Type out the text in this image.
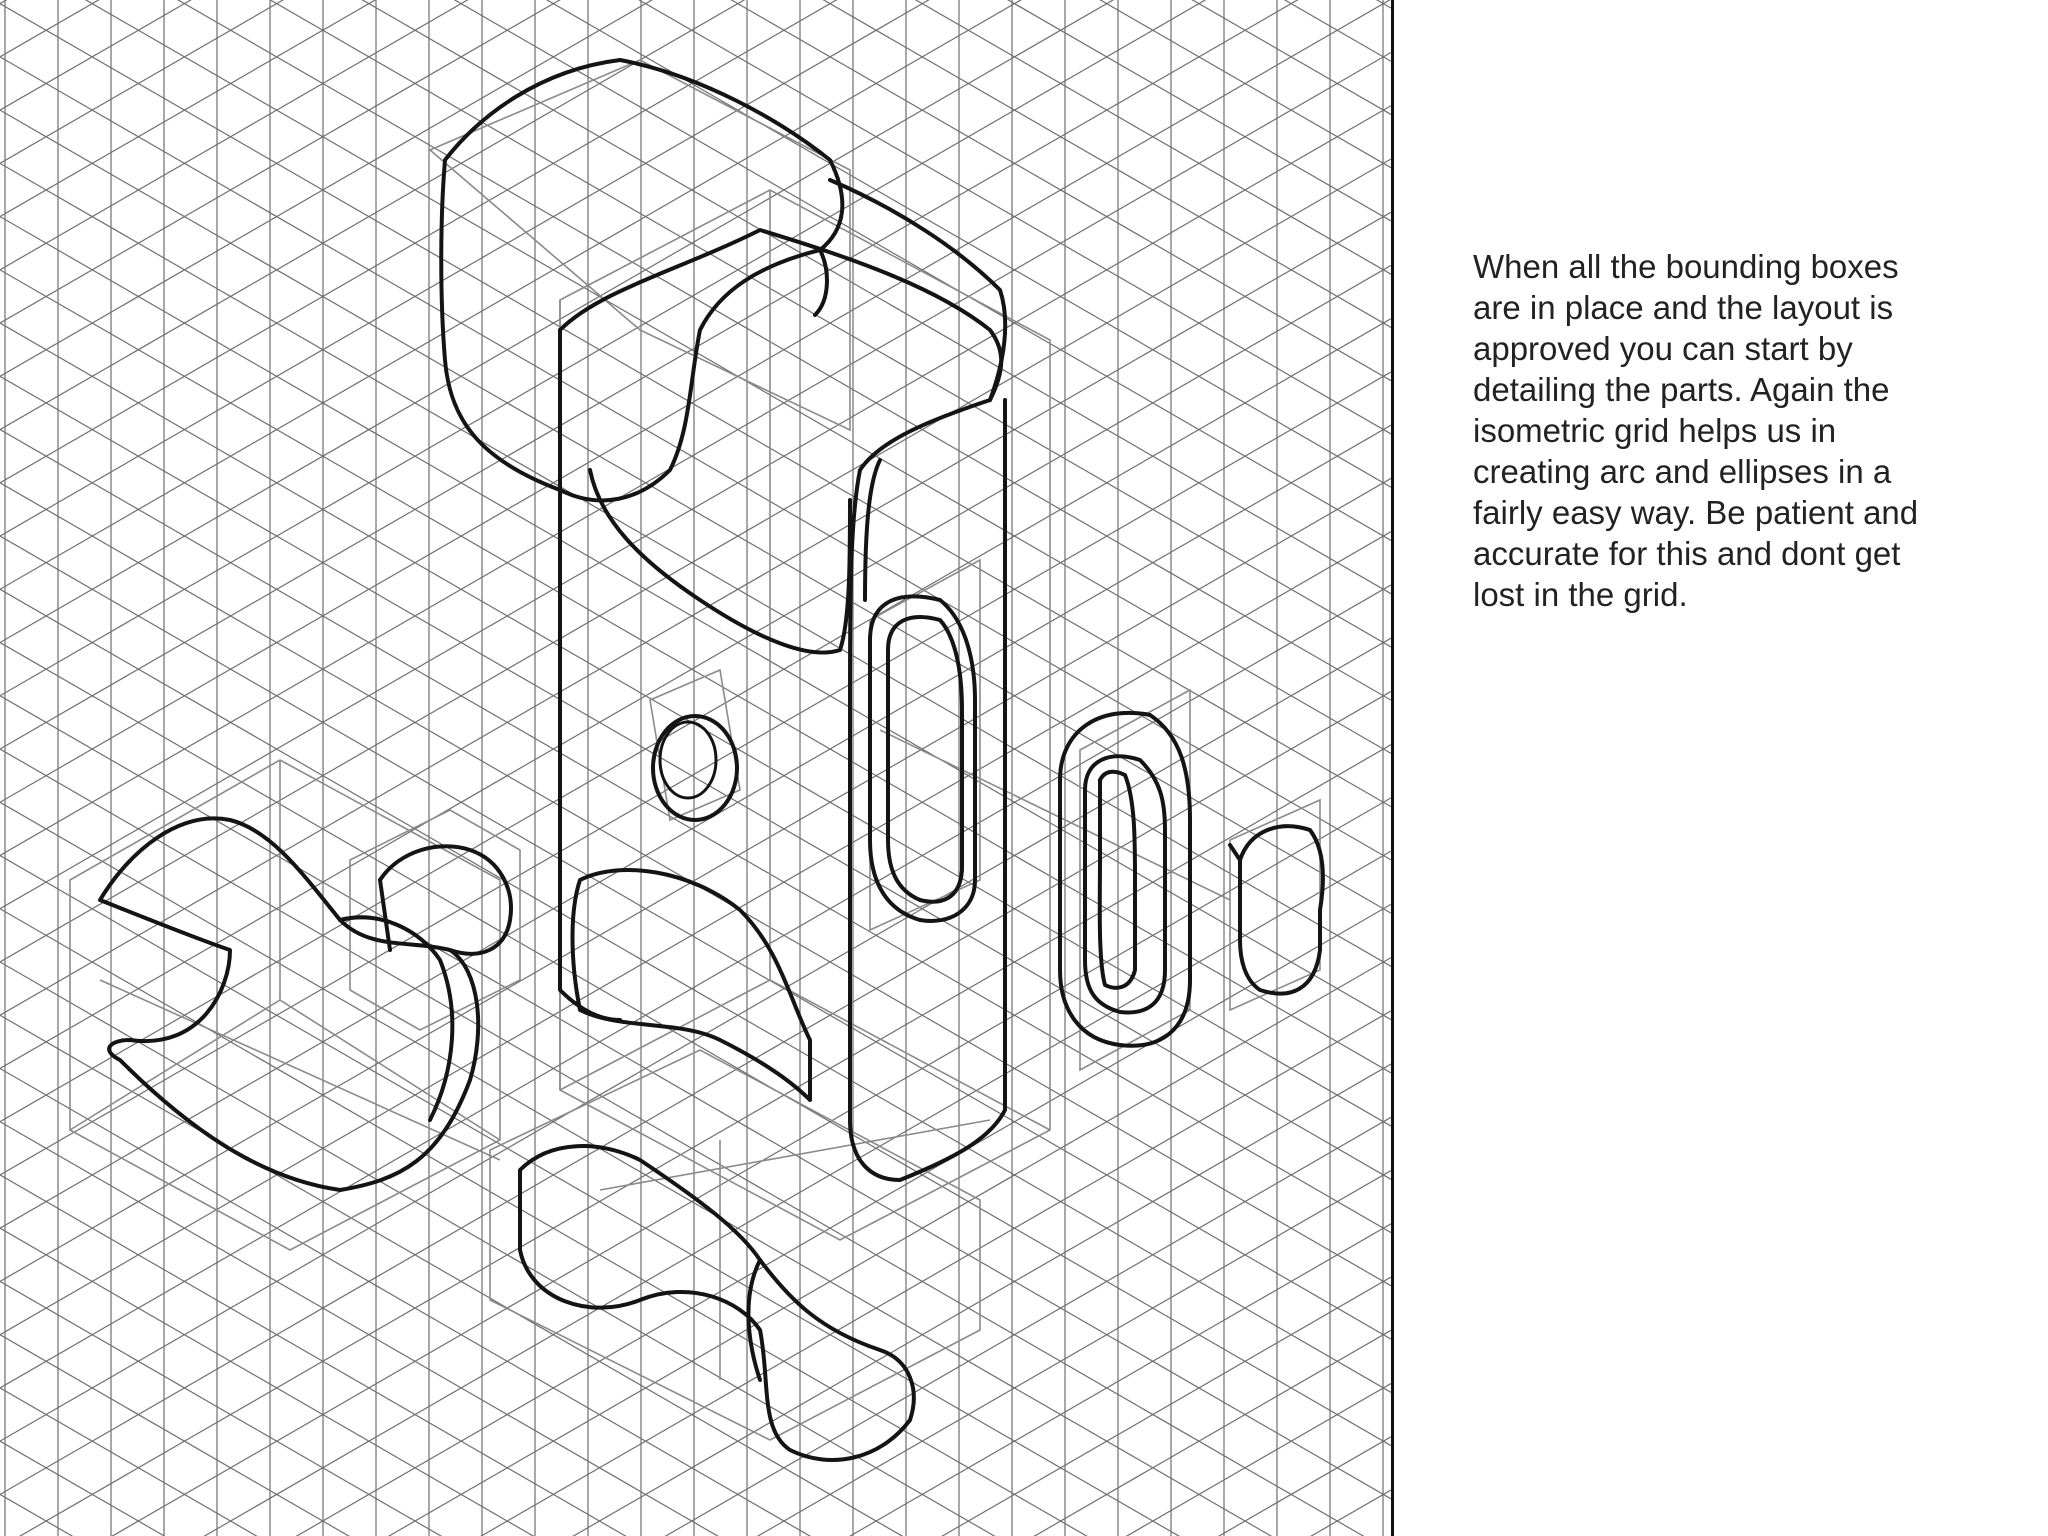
When all the bounding boxes are in place and the layout is approved you can start by detailing the parts. Again the isometric grid helps us in creating arc and ellipses in a fairly easy way. Be patient and accurate for this and dont get lost in the grid.
